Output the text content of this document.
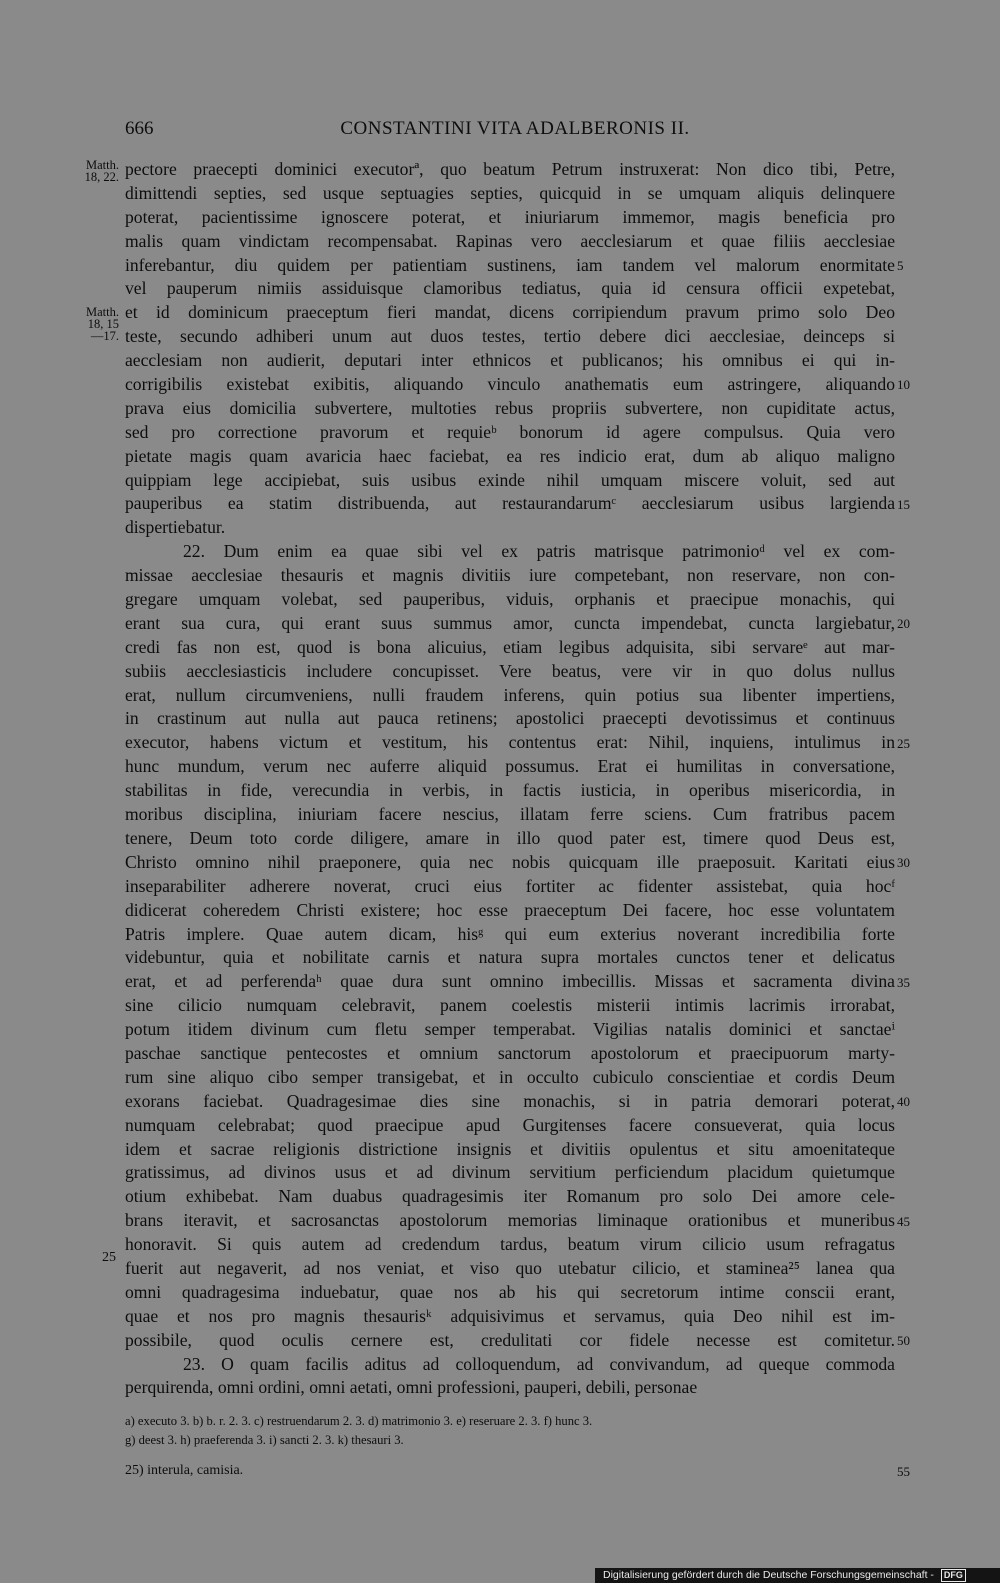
666	CONSTANTINI VITA ADALBERONIS II.
Matth. 18, 22.
Matth. 18, 15 —17.
25
pectore praecepti dominici executorª, quo beatum Petrum instruxerat: Non dico tibi, Petre,
dimittendi septies, sed usque septuagies septies, quicquid in se umquam aliquis delinquere
poterat, pacientissime ignoscere poterat, et iniuriarum immemor, magis beneficia pro
malis quam vindictam recompensabat. Rapinas vero aecclesiarum et quae filiis aecclesiae
inferebantur, diu quidem per patientiam sustinens, iam tandem vel malorum enormitate
vel pauperum nimiis assiduisque clamoribus tediatus, quia id censura officii expetebat,
et id dominicum praeceptum fieri mandat, dicens corripiendum pravum primo solo Deo
teste, secundo adhiberi unum aut duos testes, tertio debere dici aecclesiae, deinceps si
aecclesiam non audierit, deputari inter ethnicos et publicanos; his omnibus ei qui in-
corrigibilis existebat exibitis, aliquando vinculo anathematis eum astringere, aliquando
prava eius domicilia subvertere, multoties rebus propriis subvertere, non cupiditate actus,
sed pro correctione pravorum et requieᵇ bonorum id agere compulsus. Quia vero
pietate magis quam avaricia haec faciebat, ea res indicio erat, dum ab aliquo maligno
quippiam lege accipiebat, suis usibus exinde nihil umquam miscere voluit, sed aut
pauperibus ea statim distribuenda, aut restaurandarumᶜ aecclesiarum usibus largienda
dispertiebatur.
22. Dum enim ea quae sibi vel ex patris matrisque patrimonioᵈ vel ex com-
missae aecclesiae thesauris et magnis divitiis iure competebant, non reservare, non con-
gregare umquam volebat, sed pauperibus, viduis, orphanis et praecipue monachis, qui
erant sua cura, qui erant suus summus amor, cuncta impendebat, cuncta largiebatur,
credi fas non est, quod is bona alicuius, etiam legibus adquisita, sibi servareᵉ aut mar-
subiis aecclesiasticis includere concupisset. Vere beatus, vere vir in quo dolus nullus
erat, nullum circumveniens, nulli fraudem inferens, quin potius sua libenter impertiens,
in crastinum aut nulla aut pauca retinens; apostolici praecepti devotissimus et continuus
executor, habens victum et vestitum, his contentus erat: Nihil, inquiens, intulimus in
hunc mundum, verum nec auferre aliquid possumus. Erat ei humilitas in conversatione,
stabilitas in fide, verecundia in verbis, in factis iusticia, in operibus misericordia, in
moribus disciplina, iniuriam facere nescius, illatam ferre sciens. Cum fratribus pacem
tenere, Deum toto corde diligere, amare in illo quod pater est, timere quod Deus est,
Christo omnino nihil praeponere, quia nec nobis quicquam ille praeposuit. Karitati eius
inseparabiliter adherere noverat, cruci eius fortiter ac fidenter assistebat, quia hocᶠ
didicerat coheredem Christi existere; hoc esse praeceptum Dei facere, hoc esse voluntatem
Patris implere. Quae autem dicam, hisᵍ qui eum exterius noverant incredibilia forte
videbuntur, quia et nobilitate carnis et natura supra mortales cunctos tener et delicatus
erat, et ad perferendaʰ quae dura sunt omnino imbecillis. Missas et sacramenta divina
sine cilicio numquam celebravit, panem coelestis misterii intimis lacrimis irrorabat,
potum itidem divinum cum fletu semper temperabat. Vigilias natalis dominici et sanctaeⁱ
paschae sanctique pentecostes et omnium sanctorum apostolorum et praecipuorum marty-
rum sine aliquo cibo semper transigebat, et in occulto cubiculo conscientiae et cordis Deum
exorans faciebat. Quadragesimae dies sine monachis, si in patria demorari poterat,
numquam celebrabat; quod praecipue apud Gurgitenses facere consueverat, quia locus
idem et sacrae religionis districtione insignis et divitiis opulentus et situ amoenitateque
gratissimus, ad divinos usus et ad divinum servitium perficiendum placidum quietumque
otium exhibebat. Nam duabus quadragesimis iter Romanum pro solo Dei amore cele-
brans iteravit, et sacrosanctas apostolorum memorias liminaque orationibus et muneribus
honoravit. Si quis autem ad credendum tardus, beatum virum cilicio usum refragatus
fuerit aut negaverit, ad nos veniat, et viso quo utebatur cilicio, et staminea²⁵ lanea qua
omni quadragesima induebatur, quae nos ab his qui secretorum intime conscii erant,
quae et nos pro magnis thesaurisᵏ adquisivimus et servamus, quia Deo nihil est im-
possibile, quod oculis cernere est, credulitati cor fidele necesse est comitetur.
23. O quam facilis aditus ad colloquendum, ad convivandum, ad queque commoda
perquirenda, omni ordini, omni aetati, omni professioni, pauperi, debili, personae
5
10
15
20
25
30
35
40
45
50
a) executo 3. b) b. r. 2. 3. c) restruendarum 2. 3. d) matrimonio 3. e) reseruare 2. 3. f) hunc 3.
g) deest 3. h) praeferenda 3. i) sancti 2. 3. k) thesauri 3.
25) interula, camisia.	55
Digitalisierung gefördert durch die Deutsche Forschungsgemeinschaft - DFG
